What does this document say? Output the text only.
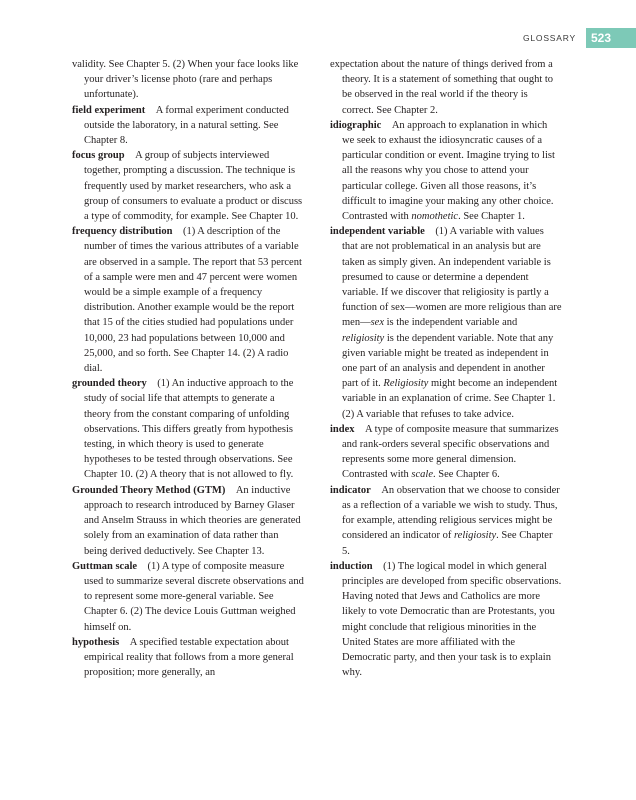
GLOSSARY	523

validity. See Chapter 5. (2) When your face looks like your driver’s license photo (rare and perhaps unfortunate).

field experiment  A formal experiment conducted outside the laboratory, in a natural setting. See Chapter 8.

focus group  A group of subjects interviewed together, prompting a discussion. The technique is frequently used by market researchers, who ask a group of consumers to evaluate a product or discuss a type of commodity, for example. See Chapter 10.

frequency distribution  (1) A description of the number of times the various attributes of a variable are observed in a sample. The report that 53 percent of a sample were men and 47 percent were women would be a simple example of a frequency distribution. Another example would be the report that 15 of the cities studied had populations under 10,000, 23 had populations between 10,000 and 25,000, and so forth. See Chapter 14. (2) A radio dial.

grounded theory  (1) An inductive approach to the study of social life that attempts to generate a theory from the constant comparing of unfolding observations. This differs greatly from hypothesis testing, in which theory is used to generate hypotheses to be tested through observations. See Chapter 10. (2) A theory that is not allowed to fly.

Grounded Theory Method (GTM)  An inductive approach to research introduced by Barney Glaser and Anselm Strauss in which theories are generated solely from an examination of data rather than being derived deductively. See Chapter 13.

Guttman scale  (1) A type of composite measure used to summarize several discrete observations and to represent some more-general variable. See Chapter 6. (2) The device Louis Guttman weighed himself on.

hypothesis  A specified testable expectation about empirical reality that follows from a more general proposition; more generally, an

expectation about the nature of things derived from a theory. It is a statement of something that ought to be observed in the real world if the theory is correct. See Chapter 2.

idiographic  An approach to explanation in which we seek to exhaust the idiosyncratic causes of a particular condition or event. Imagine trying to list all the reasons why you chose to attend your particular college. Given all those reasons, it’s difficult to imagine your making any other choice. Contrasted with nomothetic. See Chapter 1.

independent variable  (1) A variable with values that are not problematical in an analysis but are taken as simply given. An independent variable is presumed to cause or determine a dependent variable. If we discover that religiosity is partly a function of sex—women are more religious than are men—sex is the independent variable and religiosity is the dependent variable. Note that any given variable might be treated as independent in one part of an analysis and dependent in another part of it. Religiosity might become an independent variable in an explanation of crime. See Chapter 1. (2) A variable that refuses to take advice.

index  A type of composite measure that summarizes and rank-orders several specific observations and represents some more general dimension. Contrasted with scale. See Chapter 6.

indicator  An observation that we choose to consider as a reflection of a variable we wish to study. Thus, for example, attending religious services might be considered an indicator of religiosity. See Chapter 5.

induction  (1) The logical model in which general principles are developed from specific observations. Having noted that Jews and Catholics are more likely to vote Democratic than are Protestants, you might conclude that religious minorities in the United States are more affiliated with the Democratic party, and then your task is to explain why.
